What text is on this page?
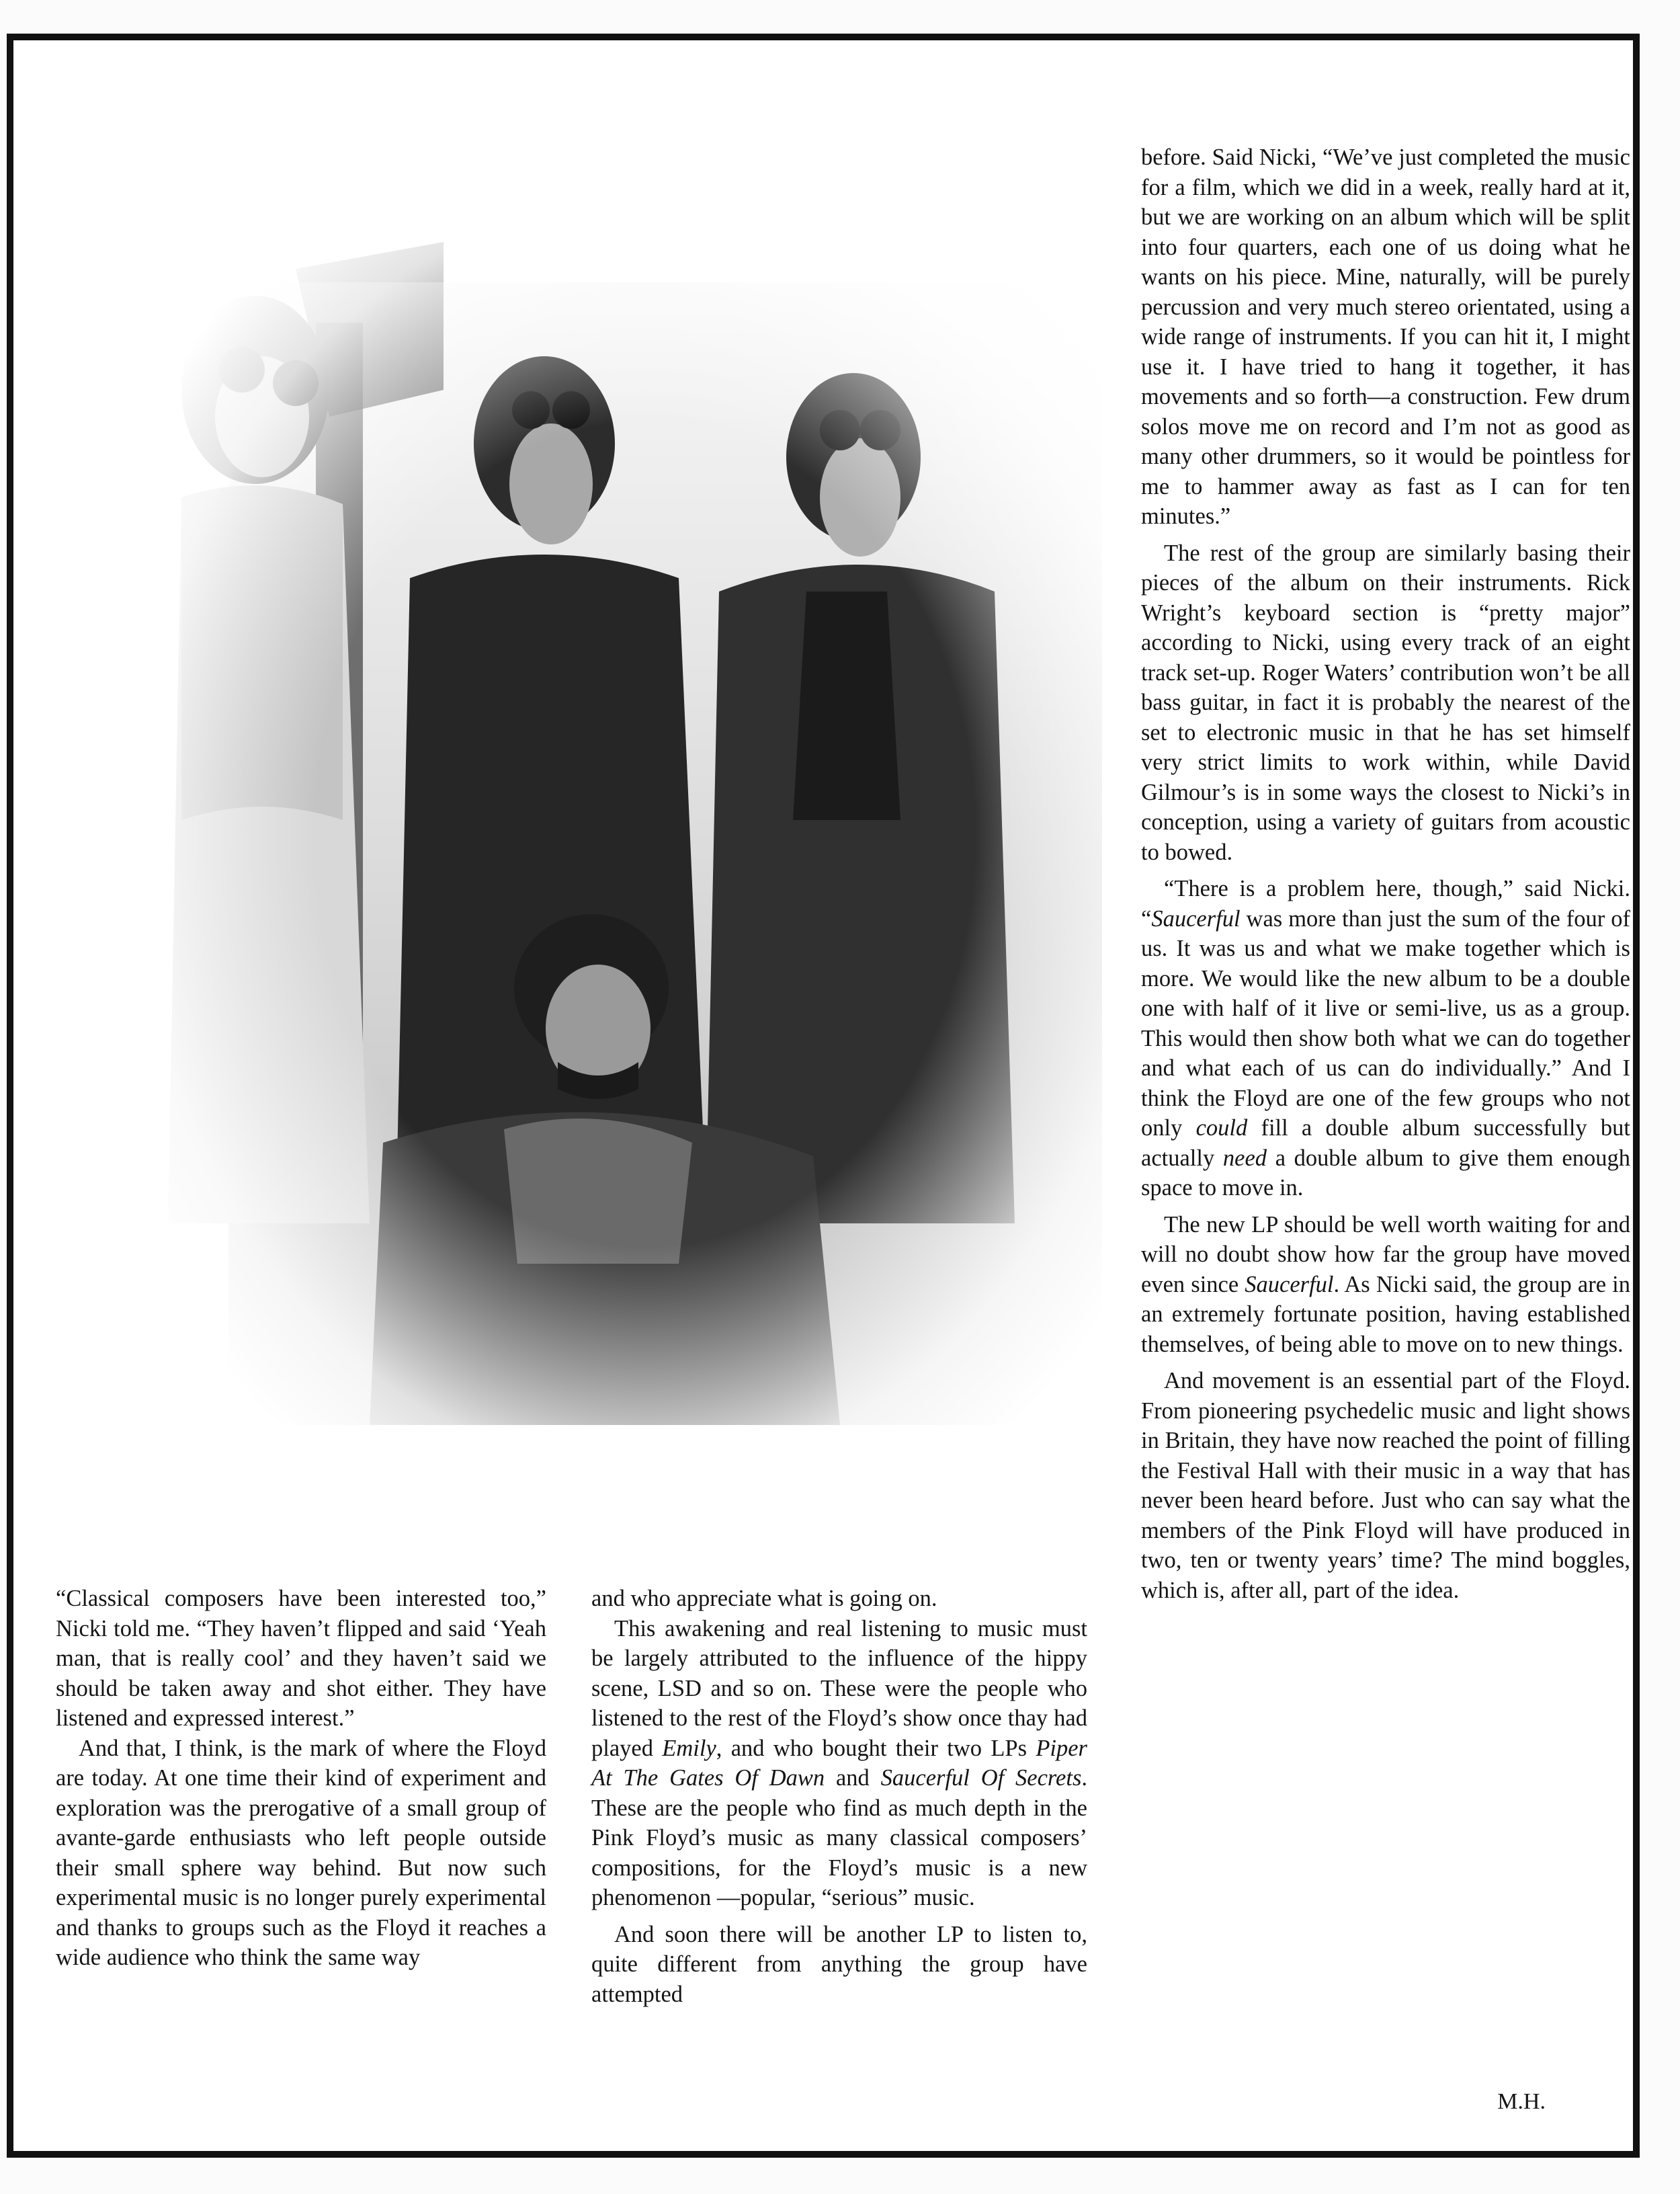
“Classical composers have been interested too,” Nicki told me. “They haven’t flipped and said ‘Yeah man, that is really cool’ and they haven’t said we should be taken away and shot either. They have listened and expressed interest.”

And that, I think, is the mark of where the Floyd are today. At one time their kind of experiment and exploration was the prerogative of a small group of avante-garde enthusiasts who left people outside their small sphere way behind. But now such experimental music is no longer purely experimental and thanks to groups such as the Floyd it reaches a wide audience who think the same way

and who appreciate what is going on.

This awakening and real listening to music must be largely attributed to the influence of the hippy scene, LSD and so on. These were the people who listened to the rest of the Floyd’s show once thay had played Emily, and who bought their two LPs Piper At The Gates Of Dawn and Saucerful Of Secrets. These are the people who find as much depth in the Pink Floyd’s music as many classical composers’ compositions, for the Floyd’s music is a new phenomenon —popular, “serious” music.

And soon there will be another LP to listen to, quite different from anything the group have attempted

before. Said Nicki, “We’ve just completed the music for a film, which we did in a week, really hard at it, but we are working on an album which will be split into four quarters, each one of us doing what he wants on his piece. Mine, naturally, will be purely percussion and very much stereo orientated, using a wide range of instruments. If you can hit it, I might use it. I have tried to hang it together, it has movements and so forth—a construction. Few drum solos move me on record and I’m not as good as many other drummers, so it would be pointless for me to hammer away as fast as I can for ten minutes.”

The rest of the group are similarly basing their pieces of the album on their instruments. Rick Wright’s keyboard section is “pretty major” according to Nicki, using every track of an eight track set-up. Roger Waters’ contribution won’t be all bass guitar, in fact it is probably the nearest of the set to electronic music in that he has set himself very strict limits to work within, while David Gilmour’s is in some ways the closest to Nicki’s in conception, using a variety of guitars from acoustic to bowed.

“There is a problem here, though,” said Nicki. “Saucerful was more than just the sum of the four of us. It was us and what we make together which is more. We would like the new album to be a double one with half of it live or semi-live, us as a group. This would then show both what we can do together and what each of us can do individually.” And I think the Floyd are one of the few groups who not only could fill a double album successfully but actually need a double album to give them enough space to move in.

The new LP should be well worth waiting for and will no doubt show how far the group have moved even since Saucerful. As Nicki said, the group are in an extremely fortunate position, having established themselves, of being able to move on to new things.

And movement is an essential part of the Floyd. From pioneering psychedelic music and light shows in Britain, they have now reached the point of filling the Festival Hall with their music in a way that has never been heard before. Just who can say what the members of the Pink Floyd will have produced in two, ten or twenty years’ time? The mind boggles, which is, after all, part of the idea.

M.H.
